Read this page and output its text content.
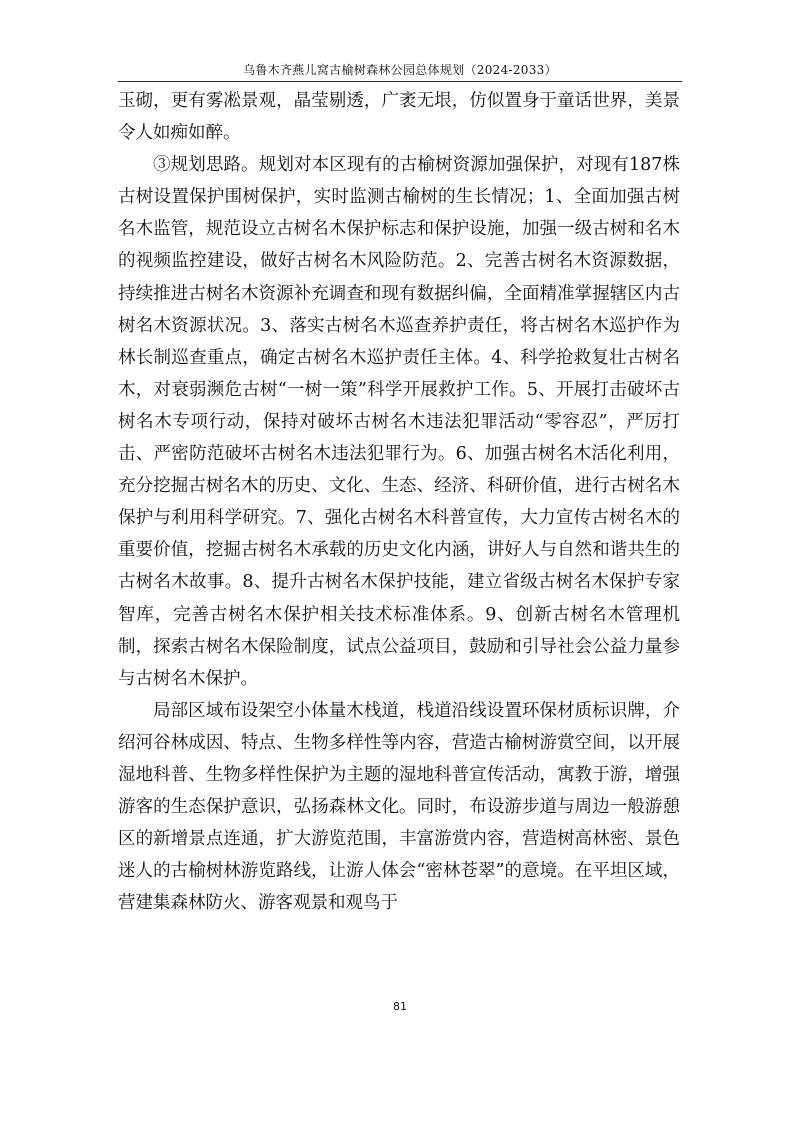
乌鲁木齐燕儿窝古榆树森林公园总体规划（2024-2033）

玉砌，更有雾凇景观，晶莹剔透，广袤无垠，仿似置身于童话世界，美景令人如痴如醉。

③规划思路。规划对本区现有的古榆树资源加强保护，对现有187株古树设置保护围树保护，实时监测古榆树的生长情况；1、全面加强古树名木监管，规范设立古树名木保护标志和保护设施，加强一级古树和名木的视频监控建设，做好古树名木风险防范。2、完善古树名木资源数据，持续推进古树名木资源补充调查和现有数据纠偏，全面精准掌握辖区内古树名木资源状况。3、落实古树名木巡查养护责任，将古树名木巡护作为林长制巡查重点，确定古树名木巡护责任主体。4、科学抢救复壮古树名木，对衰弱濒危古树“一树一策”科学开展救护工作。5、开展打击破坏古树名木专项行动，保持对破坏古树名木违法犯罪活动“零容忍”，严厉打击、严密防范破坏古树名木违法犯罪行为。6、加强古树名木活化利用，充分挖掘古树名木的历史、文化、生态、经济、科研价值，进行古树名木保护与利用科学研究。7、强化古树名木科普宣传，大力宣传古树名木的重要价值，挖掘古树名木承载的历史文化内涵，讲好人与自然和谐共生的古树名木故事。8、提升古树名木保护技能，建立省级古树名木保护专家智库，完善古树名木保护相关技术标准体系。9、创新古树名木管理机制，探索古树名木保险制度，试点公益项目，鼓励和引导社会公益力量参与古树名木保护。

局部区域布设架空小体量木栈道，栈道沿线设置环保材质标识牌，介绍河谷林成因、特点、生物多样性等内容，营造古榆树游赏空间，以开展湿地科普、生物多样性保护为主题的湿地科普宣传活动，寓教于游，增强游客的生态保护意识，弘扬森林文化。同时，布设游步道与周边一般游憩区的新增景点连通，扩大游览范围，丰富游赏内容，营造树高林密、景色迷人的古榆树林游览路线，让游人体会“密林苍翠”的意境。在平坦区域，营建集森林防火、游客观景和观鸟于

81
